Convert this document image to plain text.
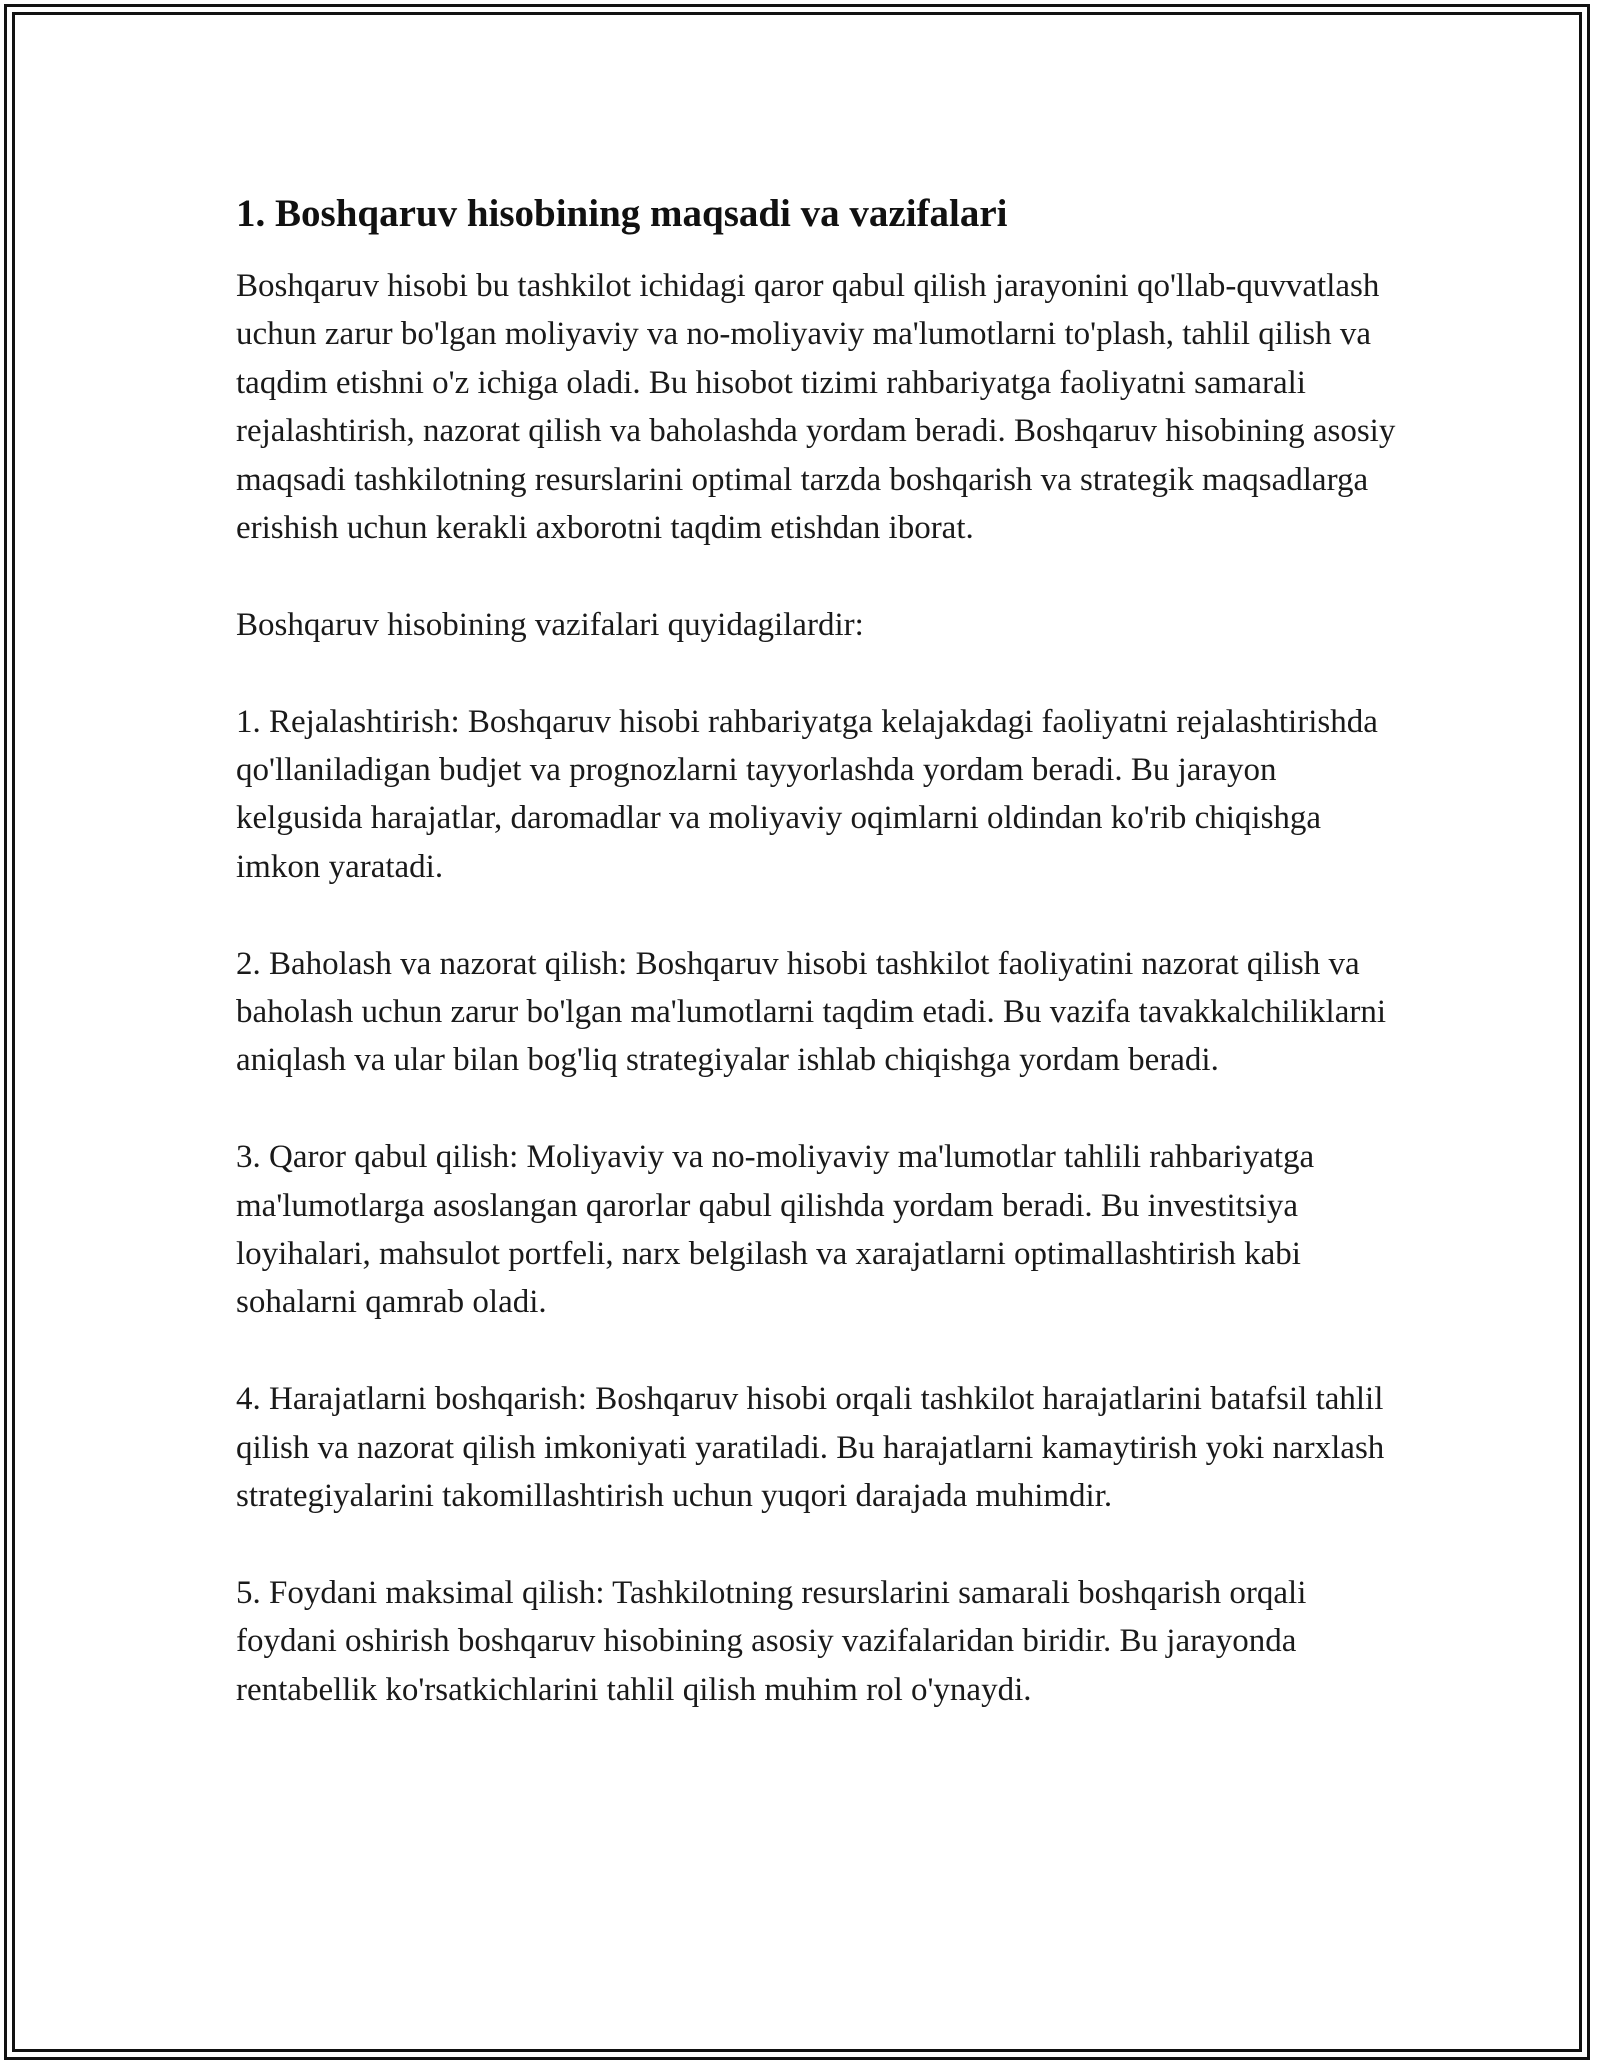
1. Boshqaruv hisobining maqsadi va vazifalari

Boshqaruv hisobi bu tashkilot ichidagi qaror qabul qilish jarayonini qo'llab-quvvatlash uchun zarur bo'lgan moliyaviy va no-moliyaviy ma'lumotlarni to'plash, tahlil qilish va taqdim etishni o'z ichiga oladi. Bu hisobot tizimi rahbariyatga faoliyatni samarali rejalashtirish, nazorat qilish va baholashda yordam beradi. Boshqaruv hisobining asosiy maqsadi tashkilotning resurslarini optimal tarzda boshqarish va strategik maqsadlarga erishish uchun kerakli axborotni taqdim etishdan iborat.

Boshqaruv hisobining vazifalari quyidagilardir:

1. Rejalashtirish: Boshqaruv hisobi rahbariyatga kelajakdagi faoliyatni rejalashtirishda qo'llaniladigan budjet va prognozlarni tayyorlashda yordam beradi. Bu jarayon kelgusida harajatlar, daromadlar va moliyaviy oqimlarni oldindan ko'rib chiqishga imkon yaratadi.

2. Baholash va nazorat qilish: Boshqaruv hisobi tashkilot faoliyatini nazorat qilish va baholash uchun zarur bo'lgan ma'lumotlarni taqdim etadi. Bu vazifa tavakkalchiliklarni aniqlash va ular bilan bog'liq strategiyalar ishlab chiqishga yordam beradi.

3. Qaror qabul qilish: Moliyaviy va no-moliyaviy ma'lumotlar tahlili rahbariyatga ma'lumotlarga asoslangan qarorlar qabul qilishda yordam beradi. Bu investitsiya loyihalari, mahsulot portfeli, narx belgilash va xarajatlarni optimallashtirish kabi sohalarni qamrab oladi.

4. Harajatlarni boshqarish: Boshqaruv hisobi orqali tashkilot harajatlarini batafsil tahlil qilish va nazorat qilish imkoniyati yaratiladi. Bu harajatlarni kamaytirish yoki narxlash strategiyalarini takomillashtirish uchun yuqori darajada muhimdir.

5. Foydani maksimal qilish: Tashkilotning resurslarini samarali boshqarish orqali foydani oshirish boshqaruv hisobining asosiy vazifalaridan biridir. Bu jarayonda rentabellik ko'rsatkichlarini tahlil qilish muhim rol o'ynaydi.
